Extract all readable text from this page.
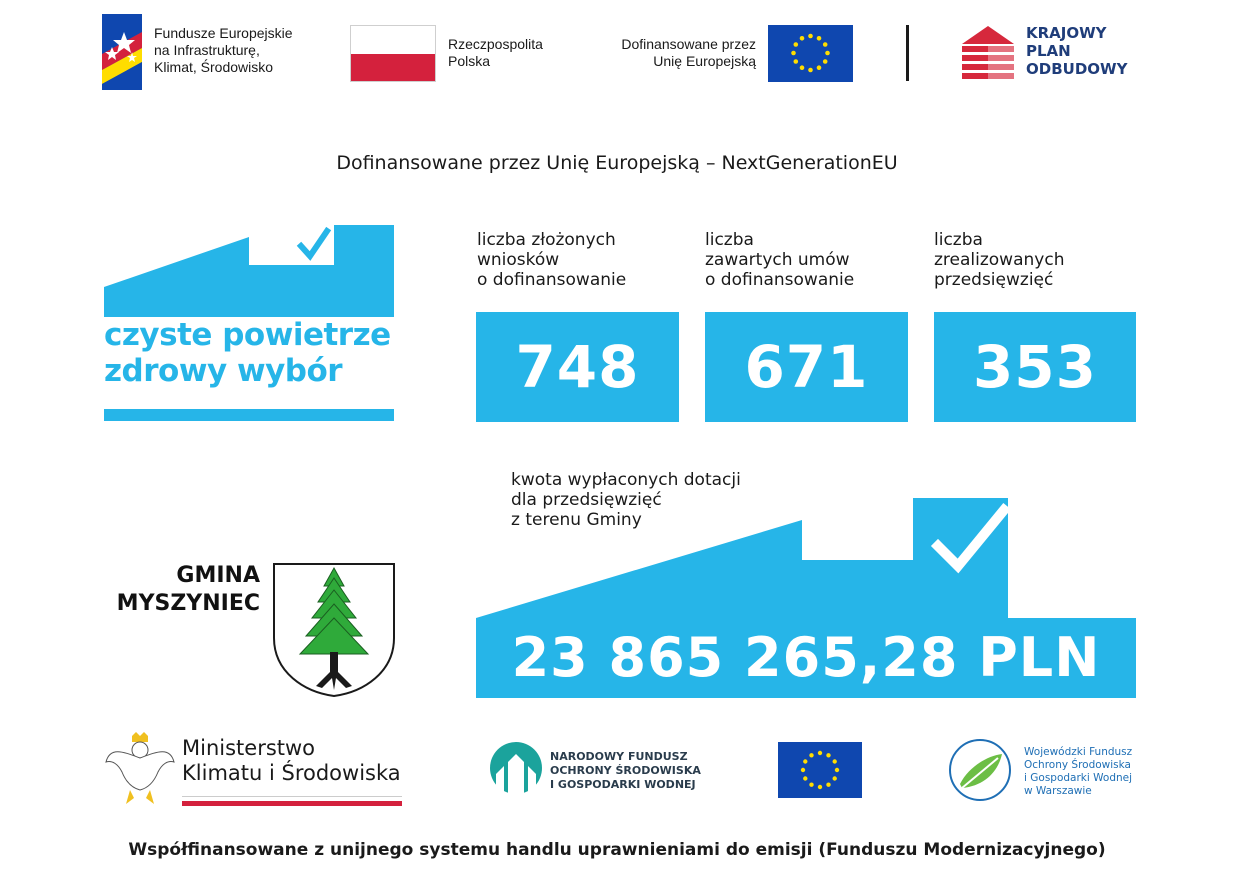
Fundusze Europejskie
na Infrastrukturę,
Klimat, Środowisko
Rzeczpospolita
Polska
Dofinansowane przez
Unię Europejską
KRAJOWY
PLAN
ODBUDOWY
Dofinansowane przez Unię Europejską – NextGenerationEU
czyste powietrze
zdrowy wybór
liczba złożonych
wniosków
o dofinansowanie
liczba
zawartych umów
o dofinansowanie
liczba
zrealizowanych
przedsięwzięć
748	671	353
kwota wypłaconych dotacji
dla przedsięwzięć
z terenu Gminy
23 865 265,28 PLN
GMINA
MYSZYNIEC
Ministerstwo
Klimatu i Środowiska
NARODOWY FUNDUSZ
OCHRONY ŚRODOWISKA
I GOSPODARKI WODNEJ
Wojewódzki Fundusz
Ochrony Środowiska
i Gospodarki Wodnej
w Warszawie
Współfinansowane z unijnego systemu handlu uprawnieniami do emisji (Funduszu Modernizacyjnego)
